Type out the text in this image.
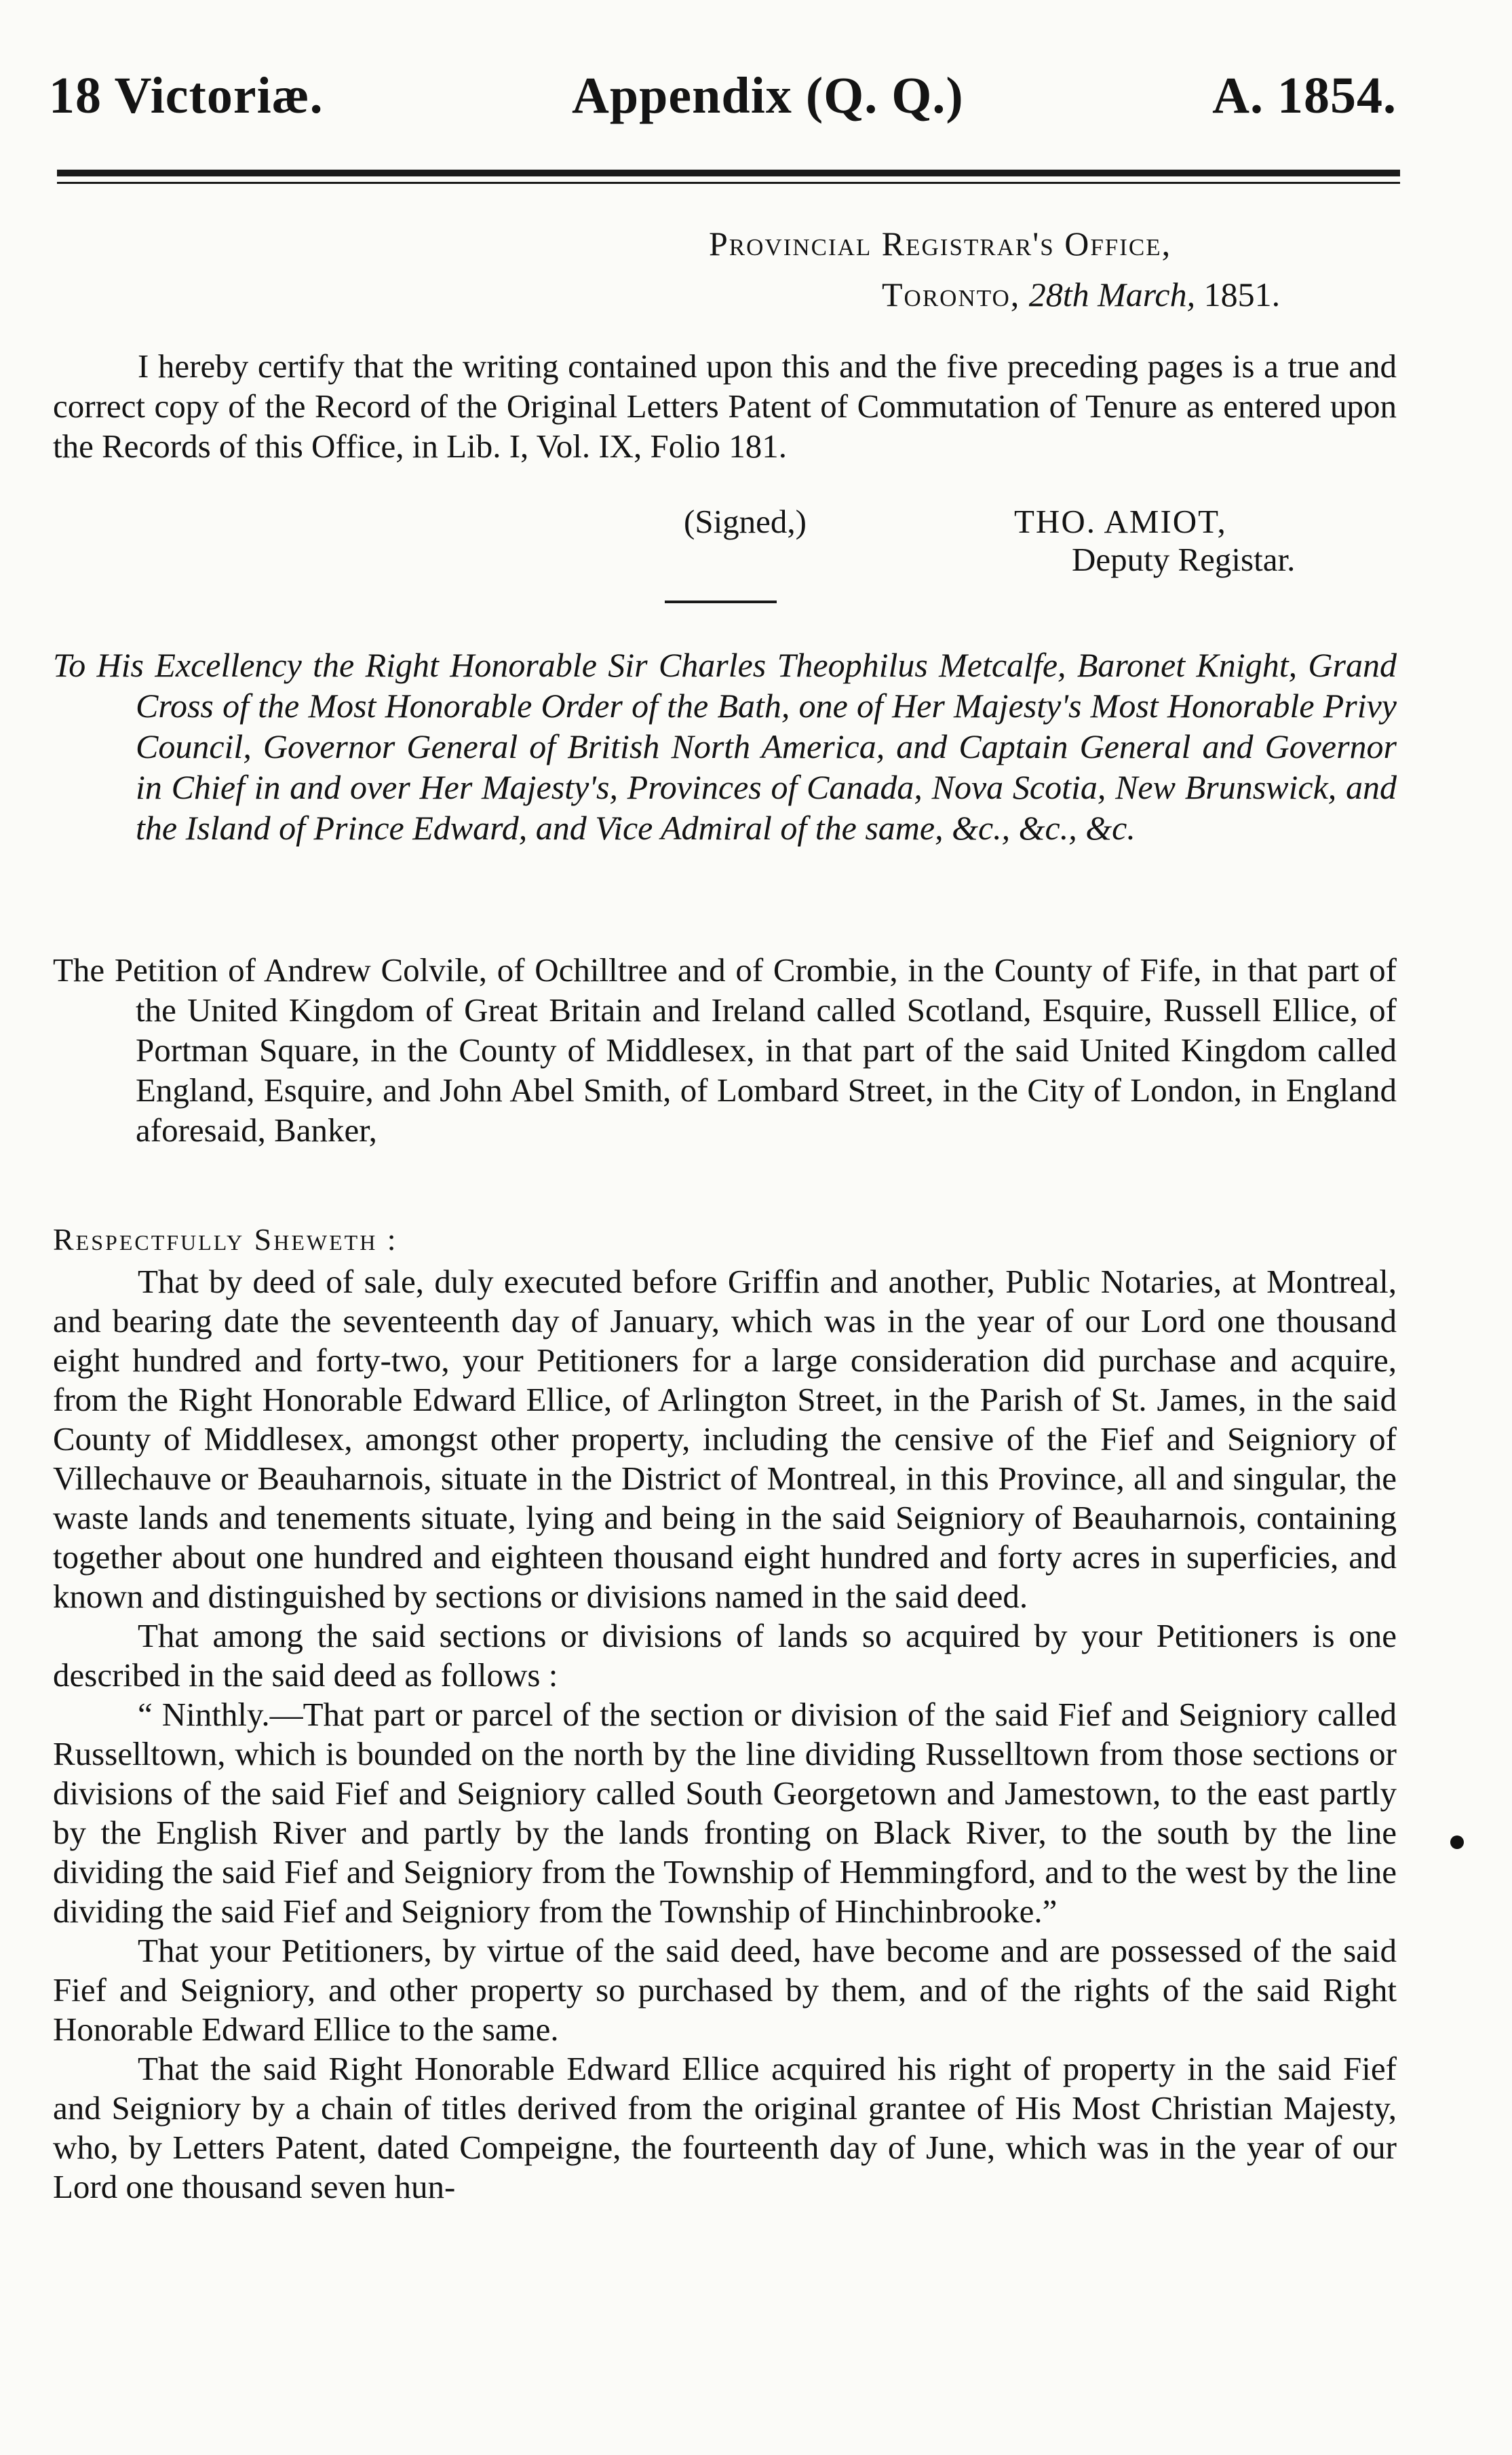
18 Victoriæ.	Appendix (Q. Q.)	A. 1854.
Provincial Registrar's Office,
Toronto, 28th March, 1851.
I hereby certify that the writing contained upon this and the five preceding pages is a true and correct copy of the Record of the Original Letters Patent of Commutation of Tenure as entered upon the Records of this Office, in Lib. I, Vol. IX, Folio 181.
(Signed,)	THO. AMIOT,
Deputy Registar.
To His Excellency the Right Honorable Sir Charles Theophilus Metcalfe, Baronet Knight, Grand Cross of the Most Honorable Order of the Bath, one of Her Majesty's Most Honorable Privy Council, Governor General of British North America, and Captain General and Governor in Chief in and over Her Majesty's, Provinces of Canada, Nova Scotia, New Brunswick, and the Island of Prince Edward, and Vice Admiral of the same, &c., &c., &c.
The Petition of Andrew Colvile, of Ochilltree and of Crombie, in the County of Fife, in that part of the United Kingdom of Great Britain and Ireland called Scotland, Esquire, Russell Ellice, of Portman Square, in the County of Middlesex, in that part of the said United Kingdom called England, Esquire, and John Abel Smith, of Lombard Street, in the City of London, in England aforesaid, Banker,
Respectfully Sheweth :

That by deed of sale, duly executed before Griffin and another, Public Notaries, at Montreal, and bearing date the seventeenth day of January, which was in the year of our Lord one thousand eight hundred and forty-two, your Petitioners for a large consideration did purchase and acquire, from the Right Honorable Edward Ellice, of Arlington Street, in the Parish of St. James, in the said County of Middlesex, amongst other property, including the censive of the Fief and Seigniory of Villechauve or Beauharnois, situate in the District of Montreal, in this Province, all and singular, the waste lands and tenements situate, lying and being in the said Seigniory of Beauharnois, containing together about one hundred and eighteen thousand eight hundred and forty acres in superficies, and known and distinguished by sections or divisions named in the said deed.

That among the said sections or divisions of lands so acquired by your Petitioners is one described in the said deed as follows :

“ Ninthly.—That part or parcel of the section or division of the said Fief and Seigniory called Russelltown, which is bounded on the north by the line dividing Russelltown from those sections or divisions of the said Fief and Seigniory called South Georgetown and Jamestown, to the east partly by the English River and partly by the lands fronting on Black River, to the south by the line dividing the said Fief and Seigniory from the Township of Hemmingford, and to the west by the line dividing the said Fief and Seigniory from the Township of Hinchinbrooke.”

That your Petitioners, by virtue of the said deed, have become and are possessed of the said Fief and Seigniory, and other property so purchased by them, and of the rights of the said Right Honorable Edward Ellice to the same.

That the said Right Honorable Edward Ellice acquired his right of property in the said Fief and Seigniory by a chain of titles derived from the original grantee of His Most Christian Majesty, who, by Letters Patent, dated Compeigne, the fourteenth day of June, which was in the year of our Lord one thousand seven hun-
